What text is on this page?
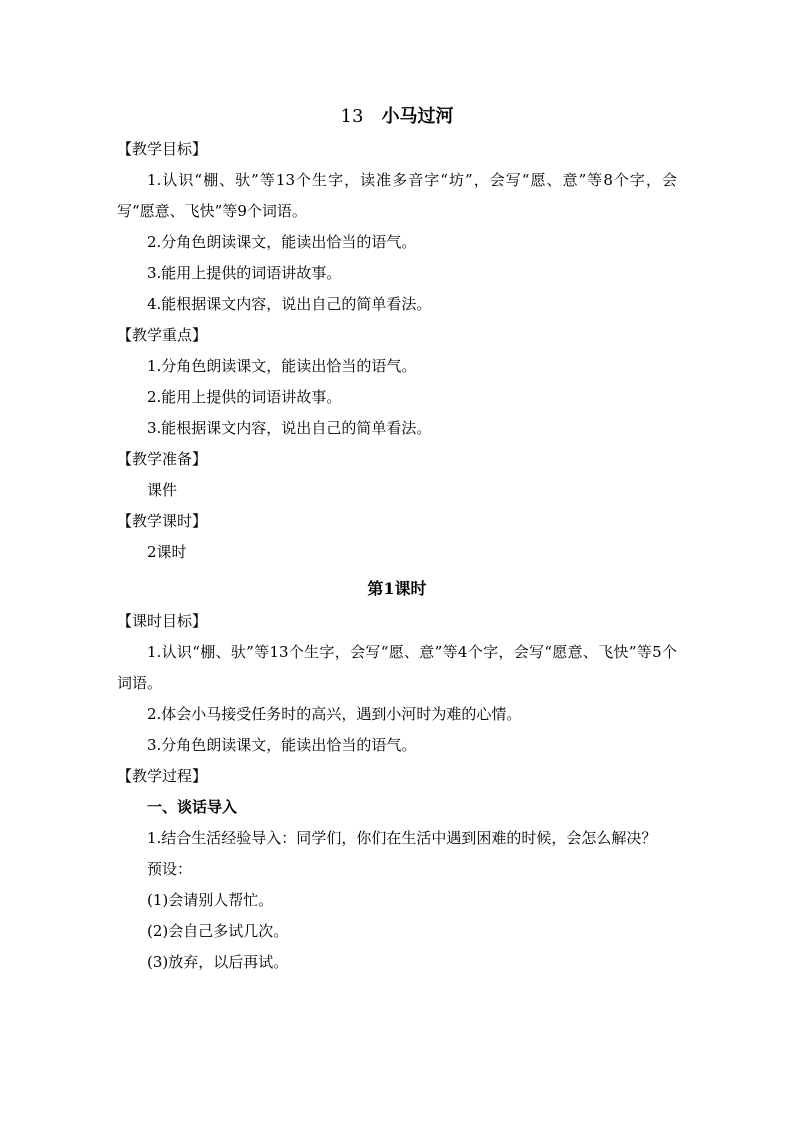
13 小马过河
【教学目标】
1.认识“棚、驮”等13个生字，读准多音字“坊”，会写“愿、意”等8个字，会写“愿意、飞快”等9个词语。
2.分角色朗读课文，能读出恰当的语气。
3.能用上提供的词语讲故事。
4.能根据课文内容，说出自己的简单看法。
【教学重点】
1.分角色朗读课文，能读出恰当的语气。
2.能用上提供的词语讲故事。
3.能根据课文内容，说出自己的简单看法。
【教学准备】
课件
【教学课时】
2课时
第1课时
【课时目标】
1.认识“棚、驮”等13个生字，会写“愿、意”等4个字，会写“愿意、飞快”等5个词语。
2.体会小马接受任务时的高兴，遇到小河时为难的心情。
3.分角色朗读课文，能读出恰当的语气。
【教学过程】
一、谈话导入
1.结合生活经验导入：同学们，你们在生活中遇到困难的时候，会怎么解决？
预设：
(1)会请别人帮忙。
(2)会自己多试几次。
(3)放弃，以后再试。
